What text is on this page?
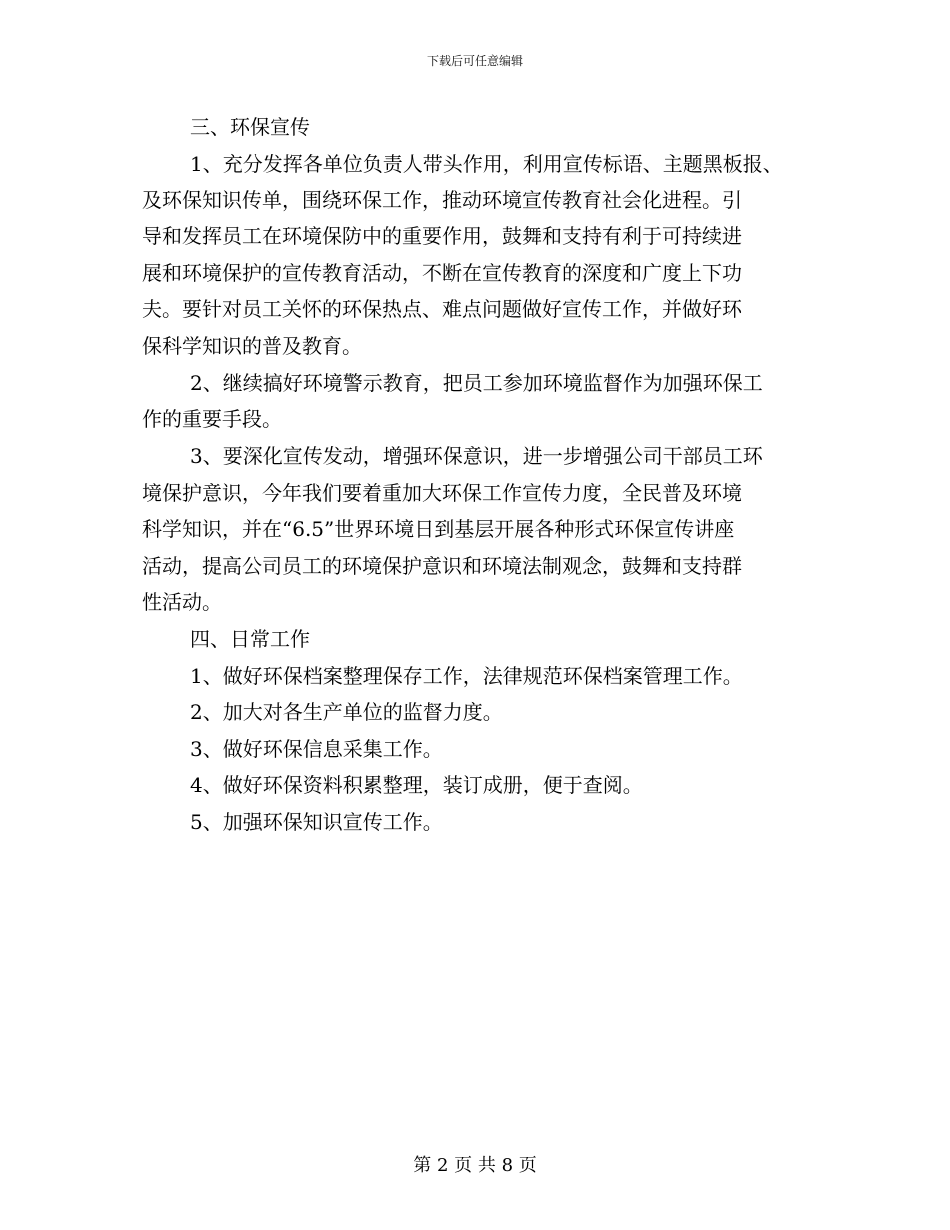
下载后可任意编辑
三、环保宣传
1、充分发挥各单位负责人带头作用，利用宣传标语、主题黑板报、
及环保知识传单，围绕环保工作，推动环境宣传教育社会化进程。引
导和发挥员工在环境保防中的重要作用，鼓舞和支持有利于可持续进
展和环境保护的宣传教育活动，不断在宣传教育的深度和广度上下功
夫。要针对员工关怀的环保热点、难点问题做好宣传工作，并做好环
保科学知识的普及教育。
2、继续搞好环境警示教育，把员工参加环境监督作为加强环保工
作的重要手段。
3、要深化宣传发动，增强环保意识，进一步增强公司干部员工环
境保护意识，今年我们要着重加大环保工作宣传力度，全民普及环境
科学知识，并在“6.5”世界环境日到基层开展各种形式环保宣传讲座
活动，提高公司员工的环境保护意识和环境法制观念，鼓舞和支持群
性活动。
四、日常工作
1、做好环保档案整理保存工作，法律规范环保档案管理工作。
2、加大对各生产单位的监督力度。
3、做好环保信息采集工作。
4、做好环保资料积累整理，装订成册，便于查阅。
5、加强环保知识宣传工作。
第 2 页 共 8 页
